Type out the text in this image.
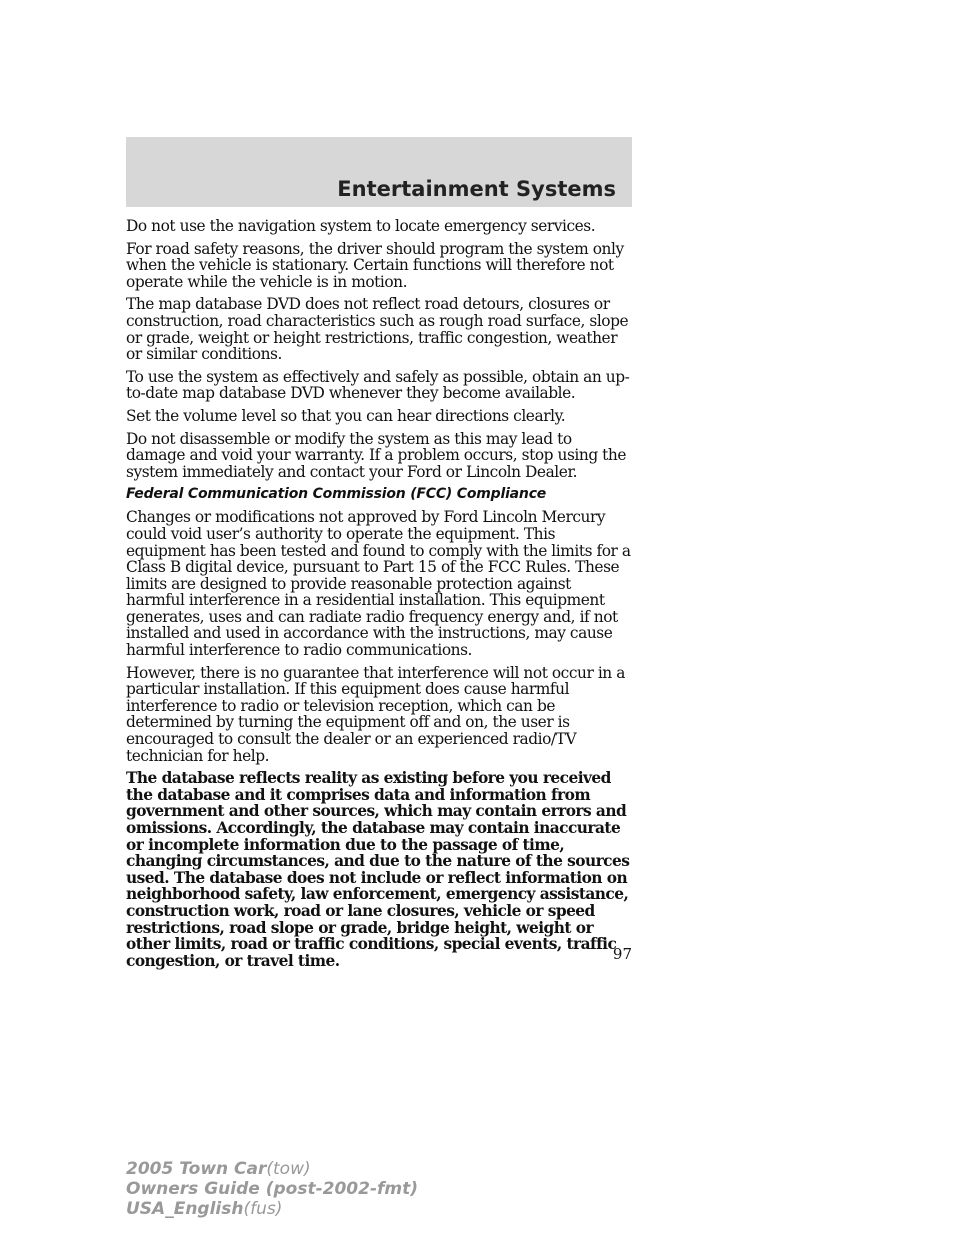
Entertainment Systems

Do not use the navigation system to locate emergency services.

For road safety reasons, the driver should program the system only when the vehicle is stationary. Certain functions will therefore not operate while the vehicle is in motion.

The map database DVD does not reflect road detours, closures or construction, road characteristics such as rough road surface, slope or grade, weight or height restrictions, traffic congestion, weather or similar conditions.

To use the system as effectively and safely as possible, obtain an up-to-date map database DVD whenever they become available.

Set the volume level so that you can hear directions clearly.

Do not disassemble or modify the system as this may lead to damage and void your warranty. If a problem occurs, stop using the system immediately and contact your Ford or Lincoln Dealer.

Federal Communication Commission (FCC) Compliance

Changes or modifications not approved by Ford Lincoln Mercury could void user’s authority to operate the equipment. This equipment has been tested and found to comply with the limits for a Class B digital device, pursuant to Part 15 of the FCC Rules. These limits are designed to provide reasonable protection against harmful interference in a residential installation. This equipment generates, uses and can radiate radio frequency energy and, if not installed and used in accordance with the instructions, may cause harmful interference to radio communications.

However, there is no guarantee that interference will not occur in a particular installation. If this equipment does cause harmful interference to radio or television reception, which can be determined by turning the equipment off and on, the user is encouraged to consult the dealer or an experienced radio/TV technician for help.

The database reflects reality as existing before you received the database and it comprises data and information from government and other sources, which may contain errors and omissions. Accordingly, the database may contain inaccurate or incomplete information due to the passage of time, changing circumstances, and due to the nature of the sources used. The database does not include or reflect information on neighborhood safety, law enforcement, emergency assistance, construction work, road or lane closures, vehicle or speed restrictions, road slope or grade, bridge height, weight or other limits, road or traffic conditions, special events, traffic congestion, or travel time.	97
2005 Town Car(tow)
Owners Guide (post-2002-fmt)
USA_English(fus)
